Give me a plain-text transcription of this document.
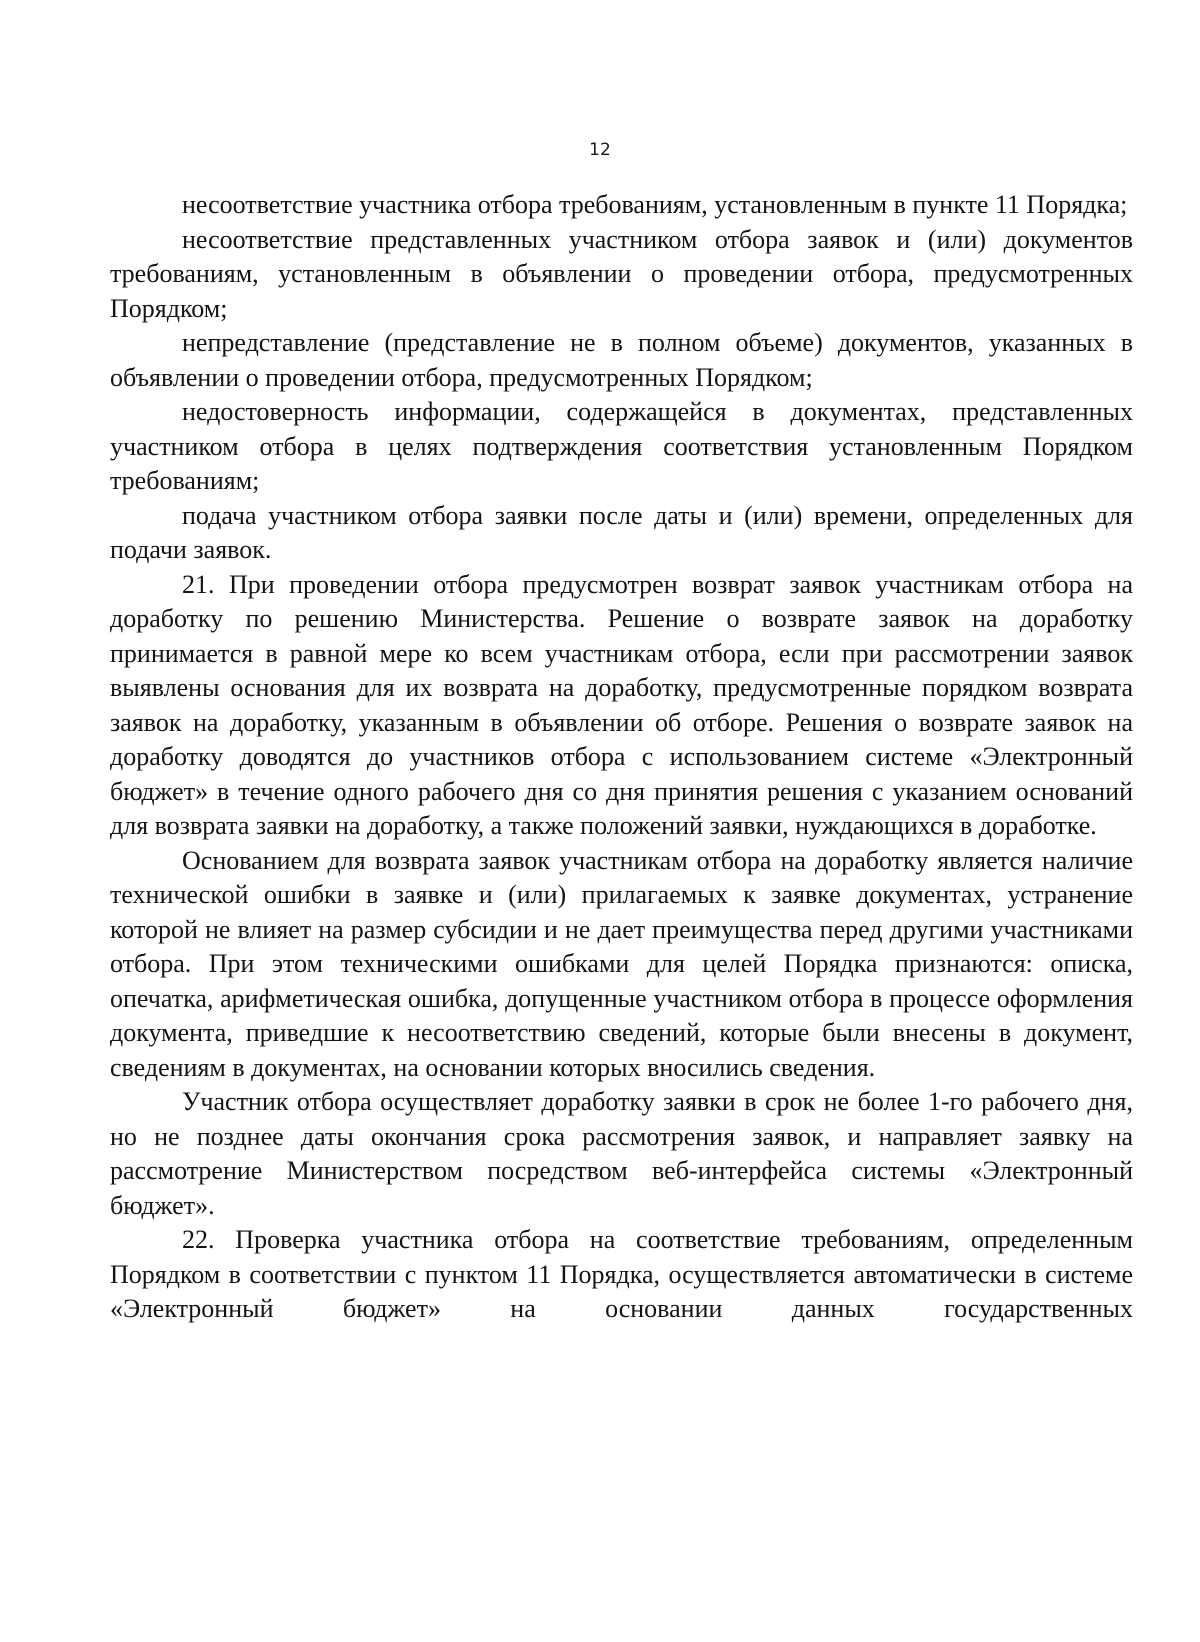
12

несоответствие участника отбора требованиям, установленным в пункте 11 Порядка;

несоответствие представленных участником отбора заявок и (или) документов требованиям, установленным в объявлении о проведении отбора, предусмотренных Порядком;

непредставление (представление не в полном объеме) документов, указанных в объявлении о проведении отбора, предусмотренных Порядком;

недостоверность информации, содержащейся в документах, представленных участником отбора в целях подтверждения соответствия установленным Порядком требованиям;

подача участником отбора заявки после даты и (или) времени, определенных для подачи заявок.

21. При проведении отбора предусмотрен возврат заявок участникам отбора на доработку по решению Министерства. Решение о возврате заявок на доработку принимается в равной мере ко всем участникам отбора, если при рассмотрении заявок выявлены основания для их возврата на доработку, предусмотренные порядком возврата заявок на доработку, указанным в объявлении об отборе. Решения о возврате заявок на доработку доводятся до участников отбора с использованием системе «Электронный бюджет» в течение одного рабочего дня со дня принятия решения с указанием оснований для возврата заявки на доработку, а также положений заявки, нуждающихся в доработке.

Основанием для возврата заявок участникам отбора на доработку является наличие технической ошибки в заявке и (или) прилагаемых к заявке документах, устранение которой не влияет на размер субсидии и не дает преимущества перед другими участниками отбора. При этом техническими ошибками для целей Порядка признаются: описка, опечатка, арифметическая ошибка, допущенные участником отбора в процессе оформления документа, приведшие к несоответствию сведений, которые были внесены в документ, сведениям в документах, на основании которых вносились сведения.

Участник отбора осуществляет доработку заявки в срок не более 1-го рабочего дня, но не позднее даты окончания срока рассмотрения заявок, и направляет заявку на рассмотрение Министерством посредством веб-интерфейса системы «Электронный бюджет».

22. Проверка участника отбора на соответствие требованиям, определенным Порядком в соответствии с пунктом 11 Порядка, осуществляется автоматически в системе «Электронный бюджет» на основании данных государственных
